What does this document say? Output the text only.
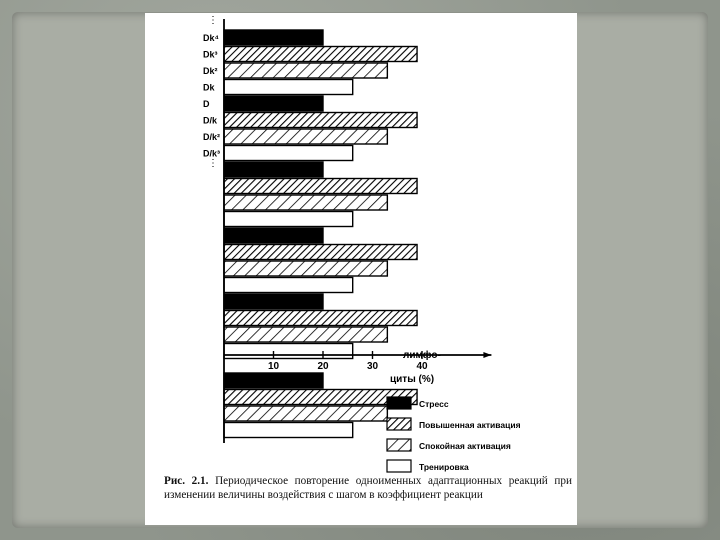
Dk⁴
Dk³
Dk²
Dk
D
D/k
D/k²
D/k³
⋮
⋮
10	20	30	40
лимфо-
циты (%)
Стресс
Повышенная активация
Спокойная активация
Тренировка
Рис. 2.1. Периодическое повторение одноименных адаптационных реакций при изменении величины воздействия с шагом в коэффициент реакции
